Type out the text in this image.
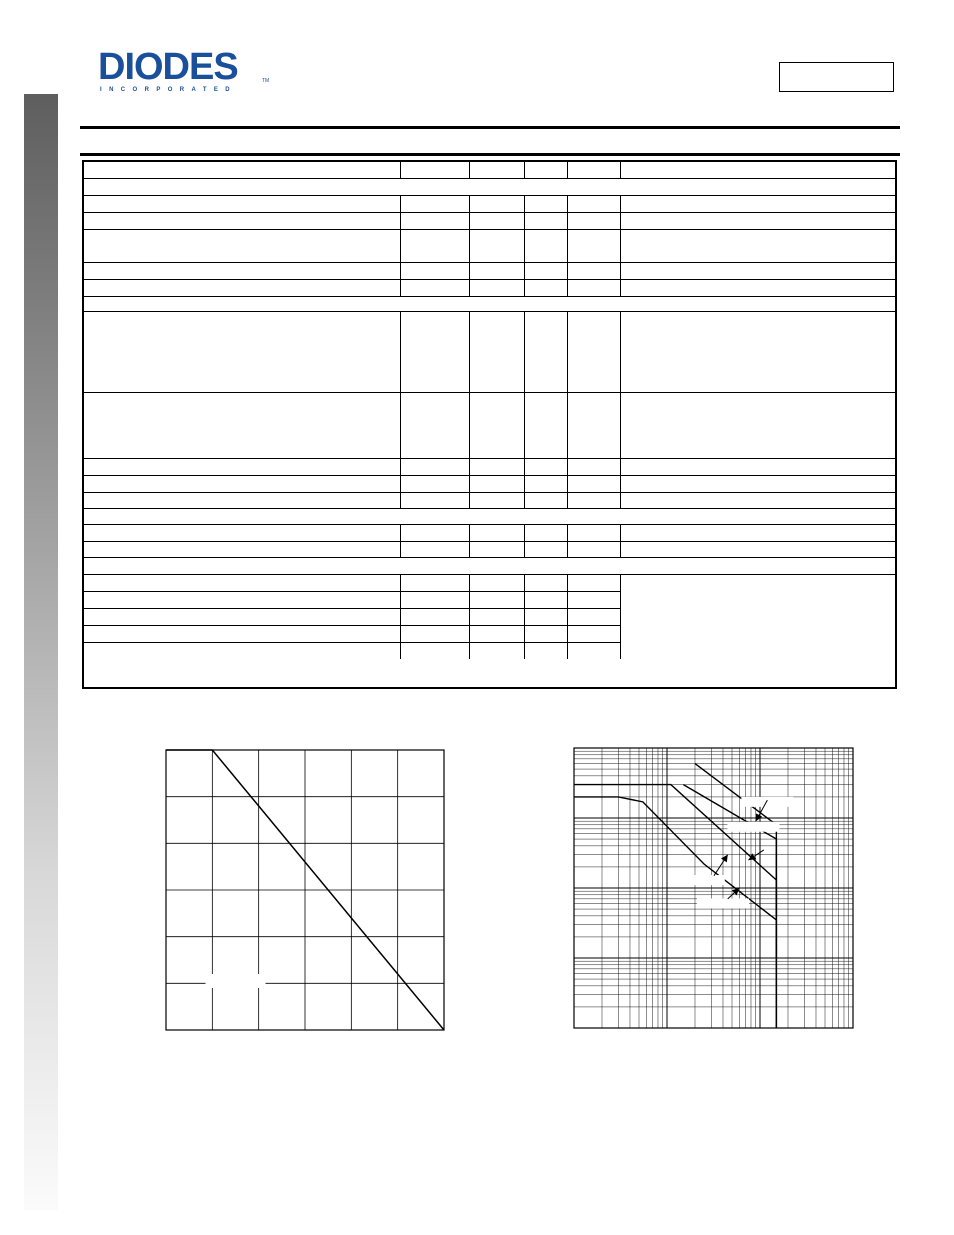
DIODES
INCORPORATED
TM
